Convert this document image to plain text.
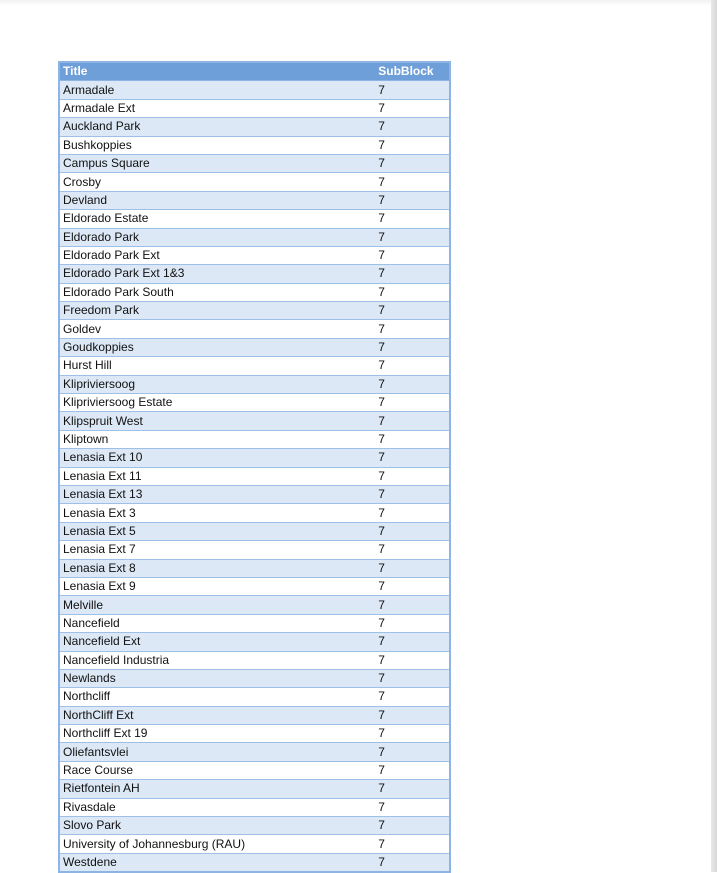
Title	SubBlock
Armadale	7
Armadale Ext	7
Auckland Park	7
Bushkoppies	7
Campus Square	7
Crosby	7
Devland	7
Eldorado Estate	7
Eldorado Park	7
Eldorado Park Ext	7
Eldorado Park Ext 1&3	7
Eldorado Park South	7
Freedom Park	7
Goldev	7
Goudkoppies	7
Hurst Hill	7
Klipriviersoog	7
Klipriviersoog Estate	7
Klipspruit West	7
Kliptown	7
Lenasia Ext 10	7
Lenasia Ext 11	7
Lenasia Ext 13	7
Lenasia Ext 3	7
Lenasia Ext 5	7
Lenasia Ext 7	7
Lenasia Ext 8	7
Lenasia Ext 9	7
Melville	7
Nancefield	7
Nancefield Ext	7
Nancefield Industria	7
Newlands	7
Northcliff	7
NorthCliff Ext	7
Northcliff Ext 19	7
Oliefantsvlei	7
Race Course	7
Rietfontein AH	7
Rivasdale	7
Slovo Park	7
University of Johannesburg (RAU)	7
Westdene	7
